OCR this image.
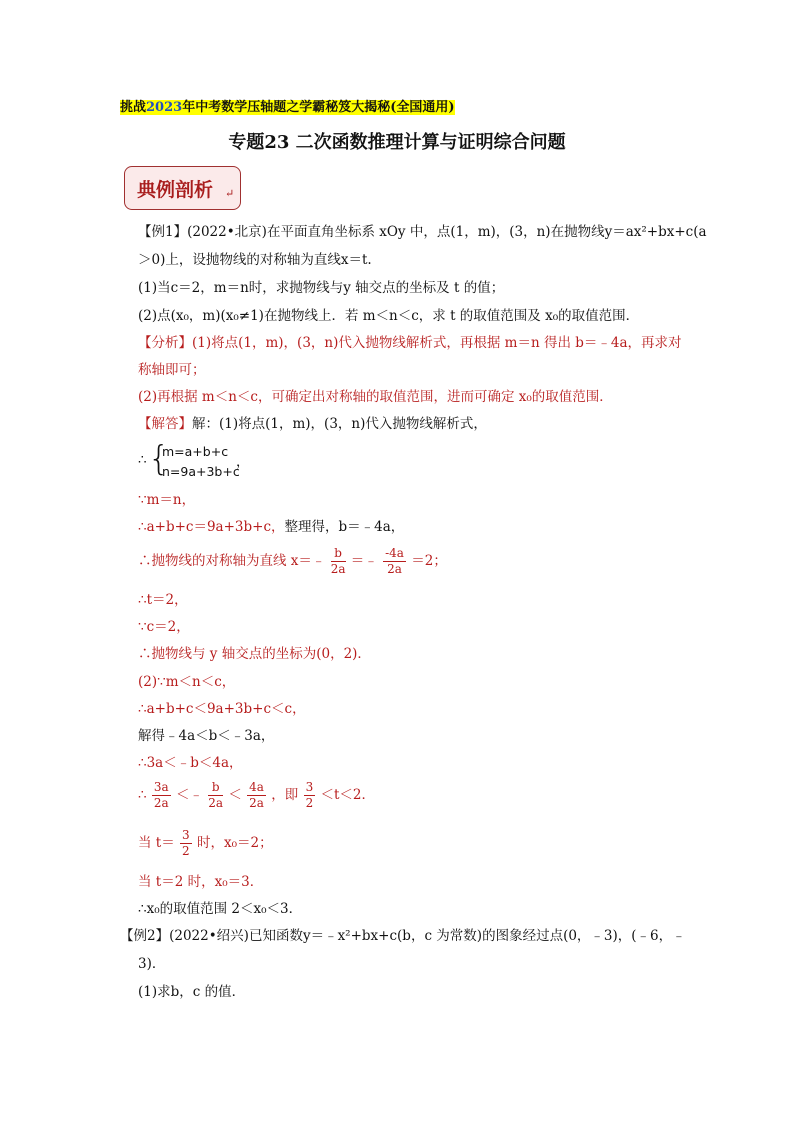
挑战2023年中考数学压轴题之学霸秘笈大揭秘(全国通用)
专题23 二次函数推理计算与证明综合问题
典例剖析 ↵
【例1】(2022•北京)在平面直角坐标系 xOy 中，点(1，m)，(3，n)在抛物线y＝ax²+bx+c(a
＞0)上，设抛物线的对称轴为直线x＝t.
(1)当c＝2，m＝n时，求抛物线与y 轴交点的坐标及 t 的值；
(2)点(x₀，m)(x₀≠1)在抛物线上．若 m＜n＜c，求 t 的取值范围及 x₀的取值范围．
【分析】(1)将点(1，m)，(3，n)代入抛物线解析式，再根据 m＝n 得出 b＝﹣4a，再求对
称轴即可；
(2)再根据 m＜n＜c，可确定出对称轴的取值范围，进而可确定 x₀的取值范围．
【解答】解：(1)将点(1，m)，(3，n)代入抛物线解析式，
∴ {
m=a+b+c
n=9a+3b+c
，
∵m＝n，
∴a+b+c＝9a+3b+c，整理得，b＝﹣4a，
∴抛物线的对称轴为直线 x＝﹣ $\frac{b}{2a}$ ＝﹣ $\frac{-4a}{2a} =2$；
∴t＝2，
∵c＝2，
∴抛物线与 y 轴交点的坐标为(0，2)．
(2)∵m＜n＜c，
∴a+b+c＜9a+3b+c＜c，
解得﹣4a＜b＜﹣3a，
∴3a＜﹣b＜4a，
∴ $\frac{3a}{2a}$ ＜﹣ $\frac{b}{2a} < \frac{4a}{2a}$ ，即 $\frac{3}{2} <t<2$．
当 $t= \frac{3}{2}$ 时，x₀＝2；
当 t＝2 时，x₀＝3．
∴x₀的取值范围 2＜x₀＜3．
【例2】(2022•绍兴)已知函数y＝﹣x²+bx+c(b，c 为常数)的图象经过点(0，﹣3)，(﹣6，﹣
3)．
(1)求b，c 的值．
